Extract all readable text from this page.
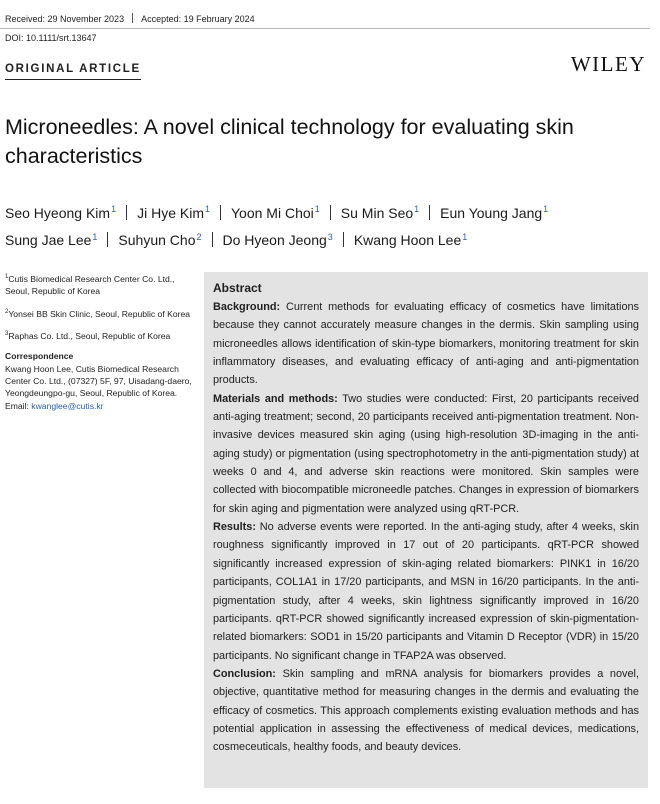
Received: 29 November 2023 Accepted: 19 February 2024
DOI: 10.1111/srt.13647
ORIGINAL ARTICLE	WILEY
Microneedles: A novel clinical technology for evaluating skin characteristics
Seo Hyeong Kim$^1$ Ji Hye Kim$^1$ Yoon Mi Choi$^1$ Su Min Seo$^1$ Eun Young Jang$^1$
Sung Jae Lee$^1$ Suhyun Cho$^2$ Do Hyeon Jeong$^3$ Kwang Hoon Lee$^1$

$^1$Cutis Biomedical Research Center Co. Ltd., Seoul, Republic of Korea

$^2$Yonsei BB Skin Clinic, Seoul, Republic of Korea

$^3$Raphas Co. Ltd., Seoul, Republic of Korea

Correspondence
Kwang Hoon Lee, Cutis Biomedical Research Center Co. Ltd., (07327) 5F, 97, Uisadang-daero, Yeongdeungpo-gu, Seoul, Republic of Korea.
Email: kwanglee@cutis.kr
Abstract

Background: Current methods for evaluating efficacy of cosmetics have limitations because they cannot accurately measure changes in the dermis. Skin sampling using microneedles allows identification of skin-type biomarkers, monitoring treatment for skin inflammatory diseases, and evaluating efficacy of anti-aging and anti-pigmentation products.

Materials and methods: Two studies were conducted: First, 20 participants received anti-aging treatment; second, 20 participants received anti-pigmentation treatment. Non-invasive devices measured skin aging (using high-resolution 3D-imaging in the anti-aging study) or pigmentation (using spectrophotometry in the anti-pigmentation study) at weeks 0 and 4, and adverse skin reactions were monitored. Skin samples were collected with biocompatible microneedle patches. Changes in expression of biomarkers for skin aging and pigmentation were analyzed using qRT-PCR.

Results: No adverse events were reported. In the anti-aging study, after 4 weeks, skin roughness significantly improved in 17 out of 20 participants. qRT-PCR showed significantly increased expression of skin-aging related biomarkers: PINK1 in 16/20 participants, COL1A1 in 17/20 participants, and MSN in 16/20 participants. In the anti-pigmentation study, after 4 weeks, skin lightness significantly improved in 16/20 participants. qRT-PCR showed significantly increased expression of skin-pigmentation-related biomarkers: SOD1 in 15/20 participants and Vitamin D Receptor (VDR) in 15/20 participants. No significant change in TFAP2A was observed.

Conclusion: Skin sampling and mRNA analysis for biomarkers provides a novel, objective, quantitative method for measuring changes in the dermis and evaluating the efficacy of cosmetics. This approach complements existing evaluation methods and has potential application in assessing the effectiveness of medical devices, medications, cosmeceuticals, healthy foods, and beauty devices.
